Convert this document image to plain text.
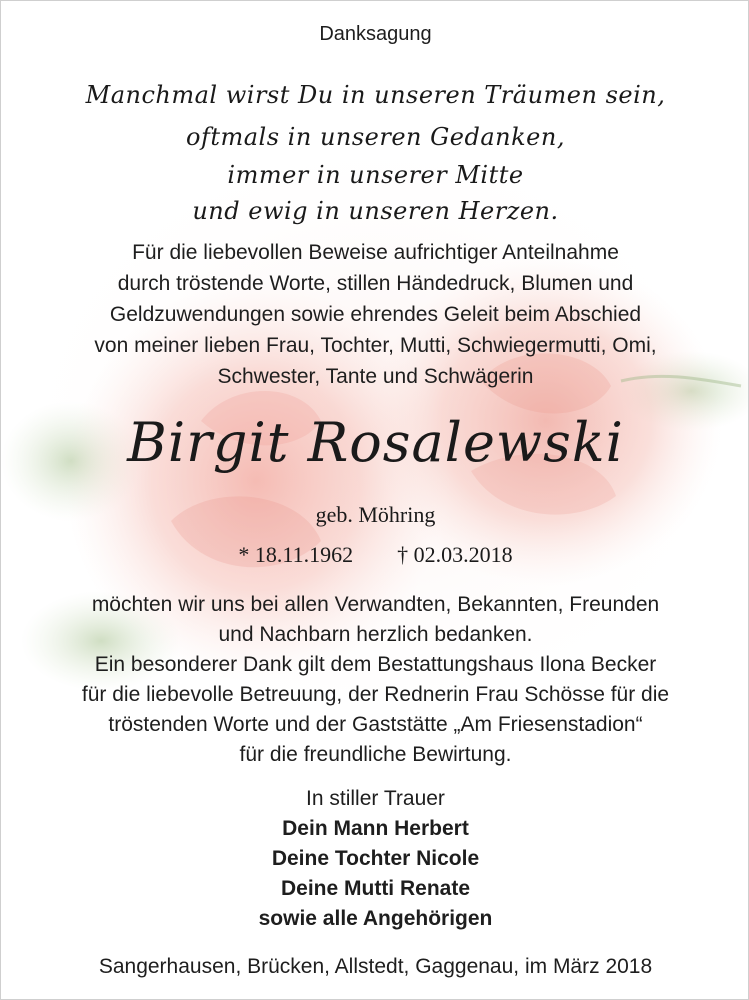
Danksagung
Manchmal wirst Du in unseren Träumen sein,
oftmals in unseren Gedanken,
immer in unserer Mitte
und ewig in unseren Herzen.
Für die liebevollen Beweise aufrichtiger Anteilnahme
durch tröstende Worte, stillen Händedruck, Blumen und
Geldzuwendungen sowie ehrendes Geleit beim Abschied
von meiner lieben Frau, Tochter, Mutti, Schwiegermutti, Omi,
Schwester, Tante und Schwägerin
Birgit Rosalewski
geb. Möhring
* 18.11.1962 † 02.03.2018
möchten wir uns bei allen Verwandten, Bekannten, Freunden
und Nachbarn herzlich bedanken.
Ein besonderer Dank gilt dem Bestattungshaus Ilona Becker
für die liebevolle Betreuung, der Rednerin Frau Schösse für die
tröstenden Worte und der Gaststätte „Am Friesenstadion“
für die freundliche Bewirtung.
In stiller Trauer
Dein Mann Herbert
Deine Tochter Nicole
Deine Mutti Renate
sowie alle Angehörigen
Sangerhausen, Brücken, Allstedt, Gaggenau, im März 2018
